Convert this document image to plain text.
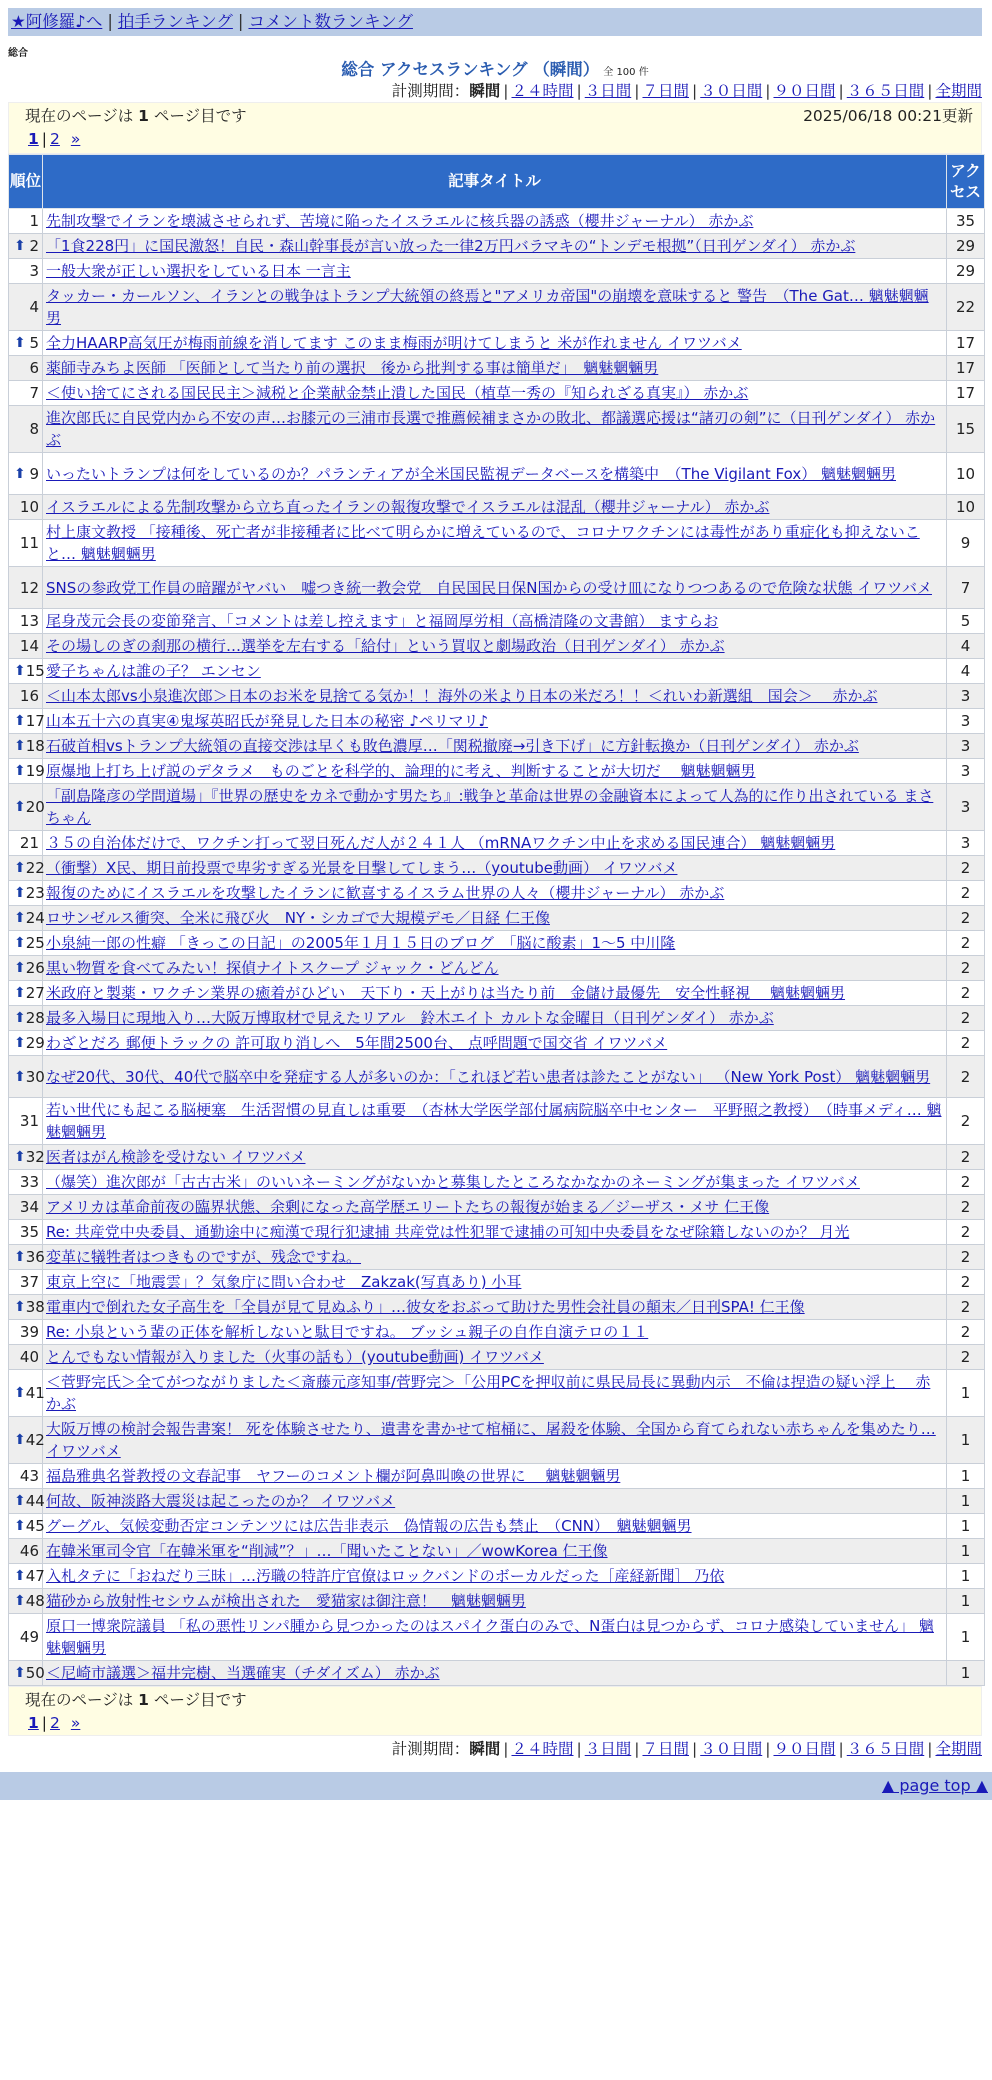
★阿修羅♪へ | 拍手ランキング | コメント数ランキング
総合
総合 アクセスランキング （瞬間） 全 100 件
計測期間：瞬間 | ２４時間 | ３日間 | ７日間 | ３０日間 | ９０日間 | ３６５日間 | 全期間
現在のページは 1 ページ目です	2025/06/18 00:21更新
1 | 2 »
順位	記事タイトル	アクセス
1	先制攻撃でイランを壊滅させられず、苦境に陥ったイスラエルに核兵器の誘惑（櫻井ジャーナル） 赤かぶ	35

⬆ 2	「1食228円」に国民激怒！自民・森山幹事長が言い放った一律2万円バラマキの“トンデモ根拠”（日刊ゲンダイ） 赤かぶ	29
3	一般大衆が正しい選択をしている日本 一言主	29
4	タッカー・カールソン、イランとの戦争はトランプ大統領の終焉と"アメリカ帝国"の崩壊を意味すると 警告　（The Gat… 魑魅魍魎男	22

⬆ 5	全力HAARP高気圧が梅雨前線を消してます このまま梅雨が明けてしまうと 米が作れません イワツバメ	17
6	薬師寺みちよ医師 「医師として当たり前の選択　後から批判する事は簡単だ」　魑魅魍魎男	17
7	＜使い捨てにされる国民民主＞減税と企業献金禁止潰した国民（植草一秀の『知られざる真実』） 赤かぶ	17
8	進次郎氏に自民党内から不安の声…お膝元の三浦市長選で推薦候補まさかの敗北、都議選応援は“諸刃の剣”に（日刊ゲンダイ） 赤かぶ	15

⬆ 9	いったいトランプは何をしているのか？パランティアが全米国民監視データベースを構築中　（The Vigilant Fox） 魑魅魍魎男	10
10	イスラエルによる先制攻撃から立ち直ったイランの報復攻撃でイスラエルは混乱（櫻井ジャーナル） 赤かぶ	10
11	村上康文教授 「接種後、死亡者が非接種者に比べて明らかに増えているので、コロナワクチンには毒性があり重症化も抑えないこと… 魑魅魍魎男	9
12	SNSの参政党工作員の暗躍がヤバい　嘘つき統一教会党　自民国民日保N国からの受け皿になりつつあるので危険な状態 イワツバメ	7
13	尾身茂元会長の変節発言、「コメントは差し控えます」と福岡厚労相（高橋清隆の文書館） ますらお	5
14	その場しのぎの刹那の横行…選挙を左右する「給付」という買収と劇場政治（日刊ゲンダイ） 赤かぶ	4

⬆ 15	愛子ちゃんは誰の子？ エンセン	4
16	＜山本太郎vs小泉進次郎＞日本のお米を見捨てる気か！！海外の米より日本の米だろ！！＜れいわ新選組　国会＞　 赤かぶ	3

⬆ 17	山本五十六の真実④鬼塚英昭氏が発見した日本の秘密 ♪ペリマリ♪	3

⬆ 18	石破首相vsトランプ大統領の直接交渉は早くも敗色濃厚…「関税撤廃→引き下げ」に方針転換か（日刊ゲンダイ） 赤かぶ	3

⬆ 19	原爆地上打ち上げ説のデタラメ　ものごとを科学的、論理的に考え、判断することが大切だ　 魑魅魍魎男	3

⬆ 20	「副島隆彦の学問道場」『世界の歴史をカネで動かす男たち』:戦争と革命は世界の金融資本によって人為的に作り出されている まさちゃん	3
21	３５の自治体だけで、ワクチン打って翌日死んだ人が２４１人 （mRNAワクチン中止を求める国民連合） 魑魅魍魎男	3

⬆ 22	（衝撃）X民、期日前投票で卑劣すぎる光景を目撃してしまう…（youtube動画） イワツバメ	2

⬆ 23	報復のためにイスラエルを攻撃したイランに歓喜するイスラム世界の人々（櫻井ジャーナル） 赤かぶ	2

⬆ 24	ロサンゼルス衝突、全米に飛び火　NY・シカゴで大規模デモ／日経 仁王像	2

⬆ 25	小泉純一郎の性癖 「きっこの日記」の2005年１月１５日のブログ　「脳に酸素」1～5 中川隆	2

⬆ 26	黒い物質を食べてみたい！探偵ナイトスクープ ジャック・どんどん	2

⬆ 27	米政府と製薬・ワクチン業界の癒着がひどい　天下り・天上がりは当たり前　金儲け最優先　安全性軽視　 魑魅魍魎男	2

⬆ 28	最多入場日に現地入り…大阪万博取材で見えたリアル　鈴木エイト カルトな金曜日（日刊ゲンダイ） 赤かぶ	2

⬆ 29	わざとだろ 郵便トラックの 許可取り消しへ　5年間2500台、 点呼問題で国交省 イワツバメ	2

⬆ 30	なぜ20代、30代、40代で脳卒中を発症する人が多いのか：「これほど若い患者は診たことがない」 （New York Post） 魑魅魍魎男	2
31	若い世代にも起こる脳梗塞　生活習慣の見直しは重要　（杏林大学医学部付属病院脳卒中センター　平野照之教授）　（時事メディ… 魑魅魍魎男	2

⬆ 32	医者はがん検診を受けない イワツバメ	2
33	（爆笑）進次郎が「古古古米」のいいネーミングがないかと募集したところなかなかのネーミングが集まった イワツバメ	2
34	アメリカは革命前夜の臨界状態、余剰になった高学歴エリートたちの報復が始まる／ジーザス・メサ 仁王像	2
35	Re: 共産党中央委員、通勤途中に痴漢で現行犯逮捕 共産党は性犯罪で逮捕の可知中央委員をなぜ除籍しないのか？ 月光	2

⬆ 36	変革に犠牲者はつきものですが、残念ですね。	2
37	東京上空に「地震雲」？気象庁に問い合わせ　Zakzak(写真あり) 小耳	2

⬆ 38	電車内で倒れた女子高生を「全員が見て見ぬふり」…彼女をおぶって助けた男性会社員の顛末／日刊SPA! 仁王像	2
39	Re: 小泉という輩の正体を解析しないと駄目ですね。 ブッシュ親子の自作自演テロの１１	2
40	とんでもない情報が入りました（火事の話も）(youtube動画) イワツバメ	2

⬆ 41	＜菅野完氏＞全てがつながりました＜斎藤元彦知事/菅野完＞「公用PCを押収前に県民局長に異動内示　不倫は捏造の疑い浮上　 赤かぶ	1

⬆ 42	大阪万博の検討会報告書案！ 死を体験させたり、遺書を書かせて棺桶に、屠殺を体験、全国から育てられない赤ちゃんを集めたり… イワツバメ	1
43	福島雅典名誉教授の文春記事　ヤフーのコメント欄が阿鼻叫喚の世界に　 魑魅魍魎男	1

⬆ 44	何故、阪神淡路大震災は起こったのか？ イワツバメ	1

⬆ 45	グーグル、気候変動否定コンテンツには広告非表示　偽情報の広告も禁止　（CNN）　魑魅魍魎男	1
46	在韓米軍司令官「在韓米軍を“削減”？」…「聞いたことない」／wowKorea 仁王像	1

⬆ 47	入札タテに「おねだり三昧」…汚職の特許庁官僚はロックバンドのボーカルだった［産経新聞］ 乃依	1

⬆ 48	猫砂から放射性セシウムが検出された　愛猫家は御注意！　魑魅魍魎男	1
49	原口一博衆院議員 「私の悪性リンパ腫から見つかったのはスパイク蛋白のみで、N蛋白は見つからず、コロナ感染していません」 魑魅魍魎男	1

⬆ 50	＜尼崎市議選＞福井完樹、当選確実（チダイズム） 赤かぶ	1
現在のページは 1 ページ目です
1 | 2 »
計測期間：瞬間 | ２４時間 | ３日間 | ７日間 | ３０日間 | ９０日間 | ３６５日間 | 全期間
▲ page top ▲
